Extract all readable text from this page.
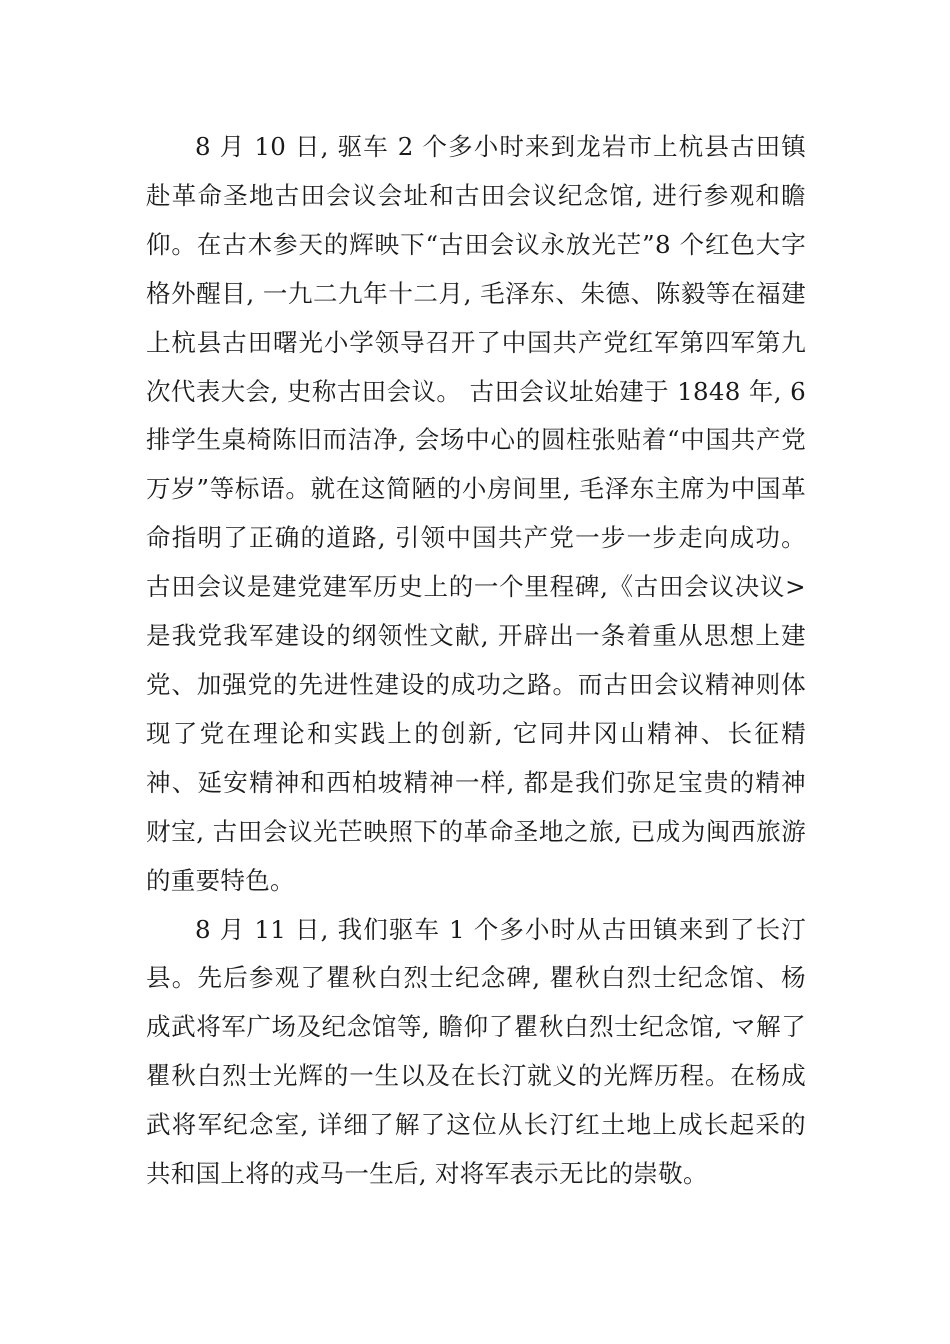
8 月 10 日, 驱车 2 个多小时来到龙岩市上杭县古田镇赴革命圣地古田会议会址和古田会议纪念馆, 进行参观和瞻仰。在古木参天的辉映下“古田会议永放光芒”8 个红色大字格外醒目, 一九二九年十二月, 毛泽东、朱德、陈毅等在福建上杭县古田曙光小学领导召开了中国共产党红军第四军第九次代表大会, 史称古田会议。 古田会议址始建于 1848 年, 6 排学生桌椅陈旧而洁净, 会场中心的圆柱张贴着“中国共产党万岁”等标语。就在这简陋的小房间里, 毛泽东主席为中国革命指明了正确的道路, 引领中国共产党一步一步走向成功。古田会议是建党建军历史上的一个里程碑,《古田会议决议>是我党我军建设的纲领性文献, 开辟出一条着重从思想上建党、加强党的先进性建设的成功之路。而古田会议精神则体现了党在理论和实践上的创新, 它同井冈山精神、长征精神、延安精神和西柏坡精神一样, 都是我们弥足宝贵的精神财宝, 古田会议光芒映照下的革命圣地之旅, 已成为闽西旅游的重要特色。

8 月 11 日, 我们驱车 1 个多小时从古田镇来到了长汀县。先后参观了瞿秋白烈士纪念碑, 瞿秋白烈士纪念馆、杨成武将军广场及纪念馆等, 瞻仰了瞿秋白烈士纪念馆, マ解了瞿秋白烈士光辉的一生以及在长汀就义的光辉历程。在杨成武将军纪念室, 详细了解了这位从长汀红土地上成长起采的共和国上将的戎马一生后, 对将军表示无比的崇敬。
